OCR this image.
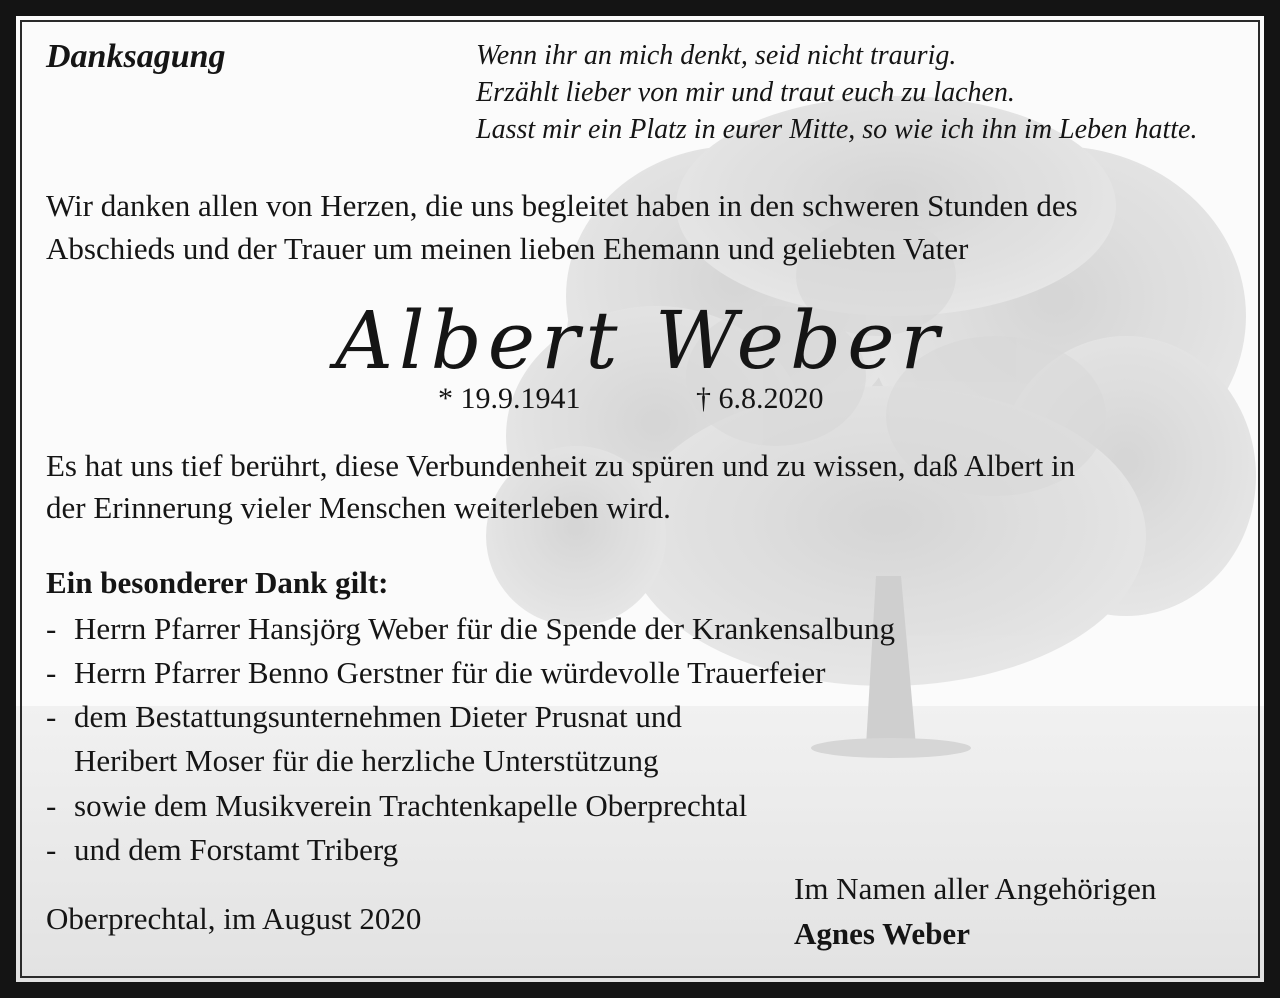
Danksagung	Wenn ihr an mich denkt, seid nicht traurig.
Erzählt lieber von mir und traut euch zu lachen.
Lasst mir ein Platz in eurer Mitte, so wie ich ihn im Leben hatte.
Wir danken allen von Herzen, die uns begleitet haben in den schweren Stunden des
Abschieds und der Trauer um meinen lieben Ehemann und geliebten Vater
Albert Weber
* 19.9.1941	† 6.8.2020
Es hat uns tief berührt, diese Verbundenheit zu spüren und zu wissen, daß Albert in
der Erinnerung vieler Menschen weiterleben wird.
Ein besonderer Dank gilt:
- Herrn Pfarrer Hansjörg Weber für die Spende der Krankensalbung
- Herrn Pfarrer Benno Gerstner für die würdevolle Trauerfeier
- dem Bestattungsunternehmen Dieter Prusnat und
Heribert Moser für die herzliche Unterstützung
- sowie dem Musikverein Trachtenkapelle Oberprechtal
- und dem Forstamt Triberg
Oberprechtal, im August 2020
Im Namen aller Angehörigen
Agnes Weber
